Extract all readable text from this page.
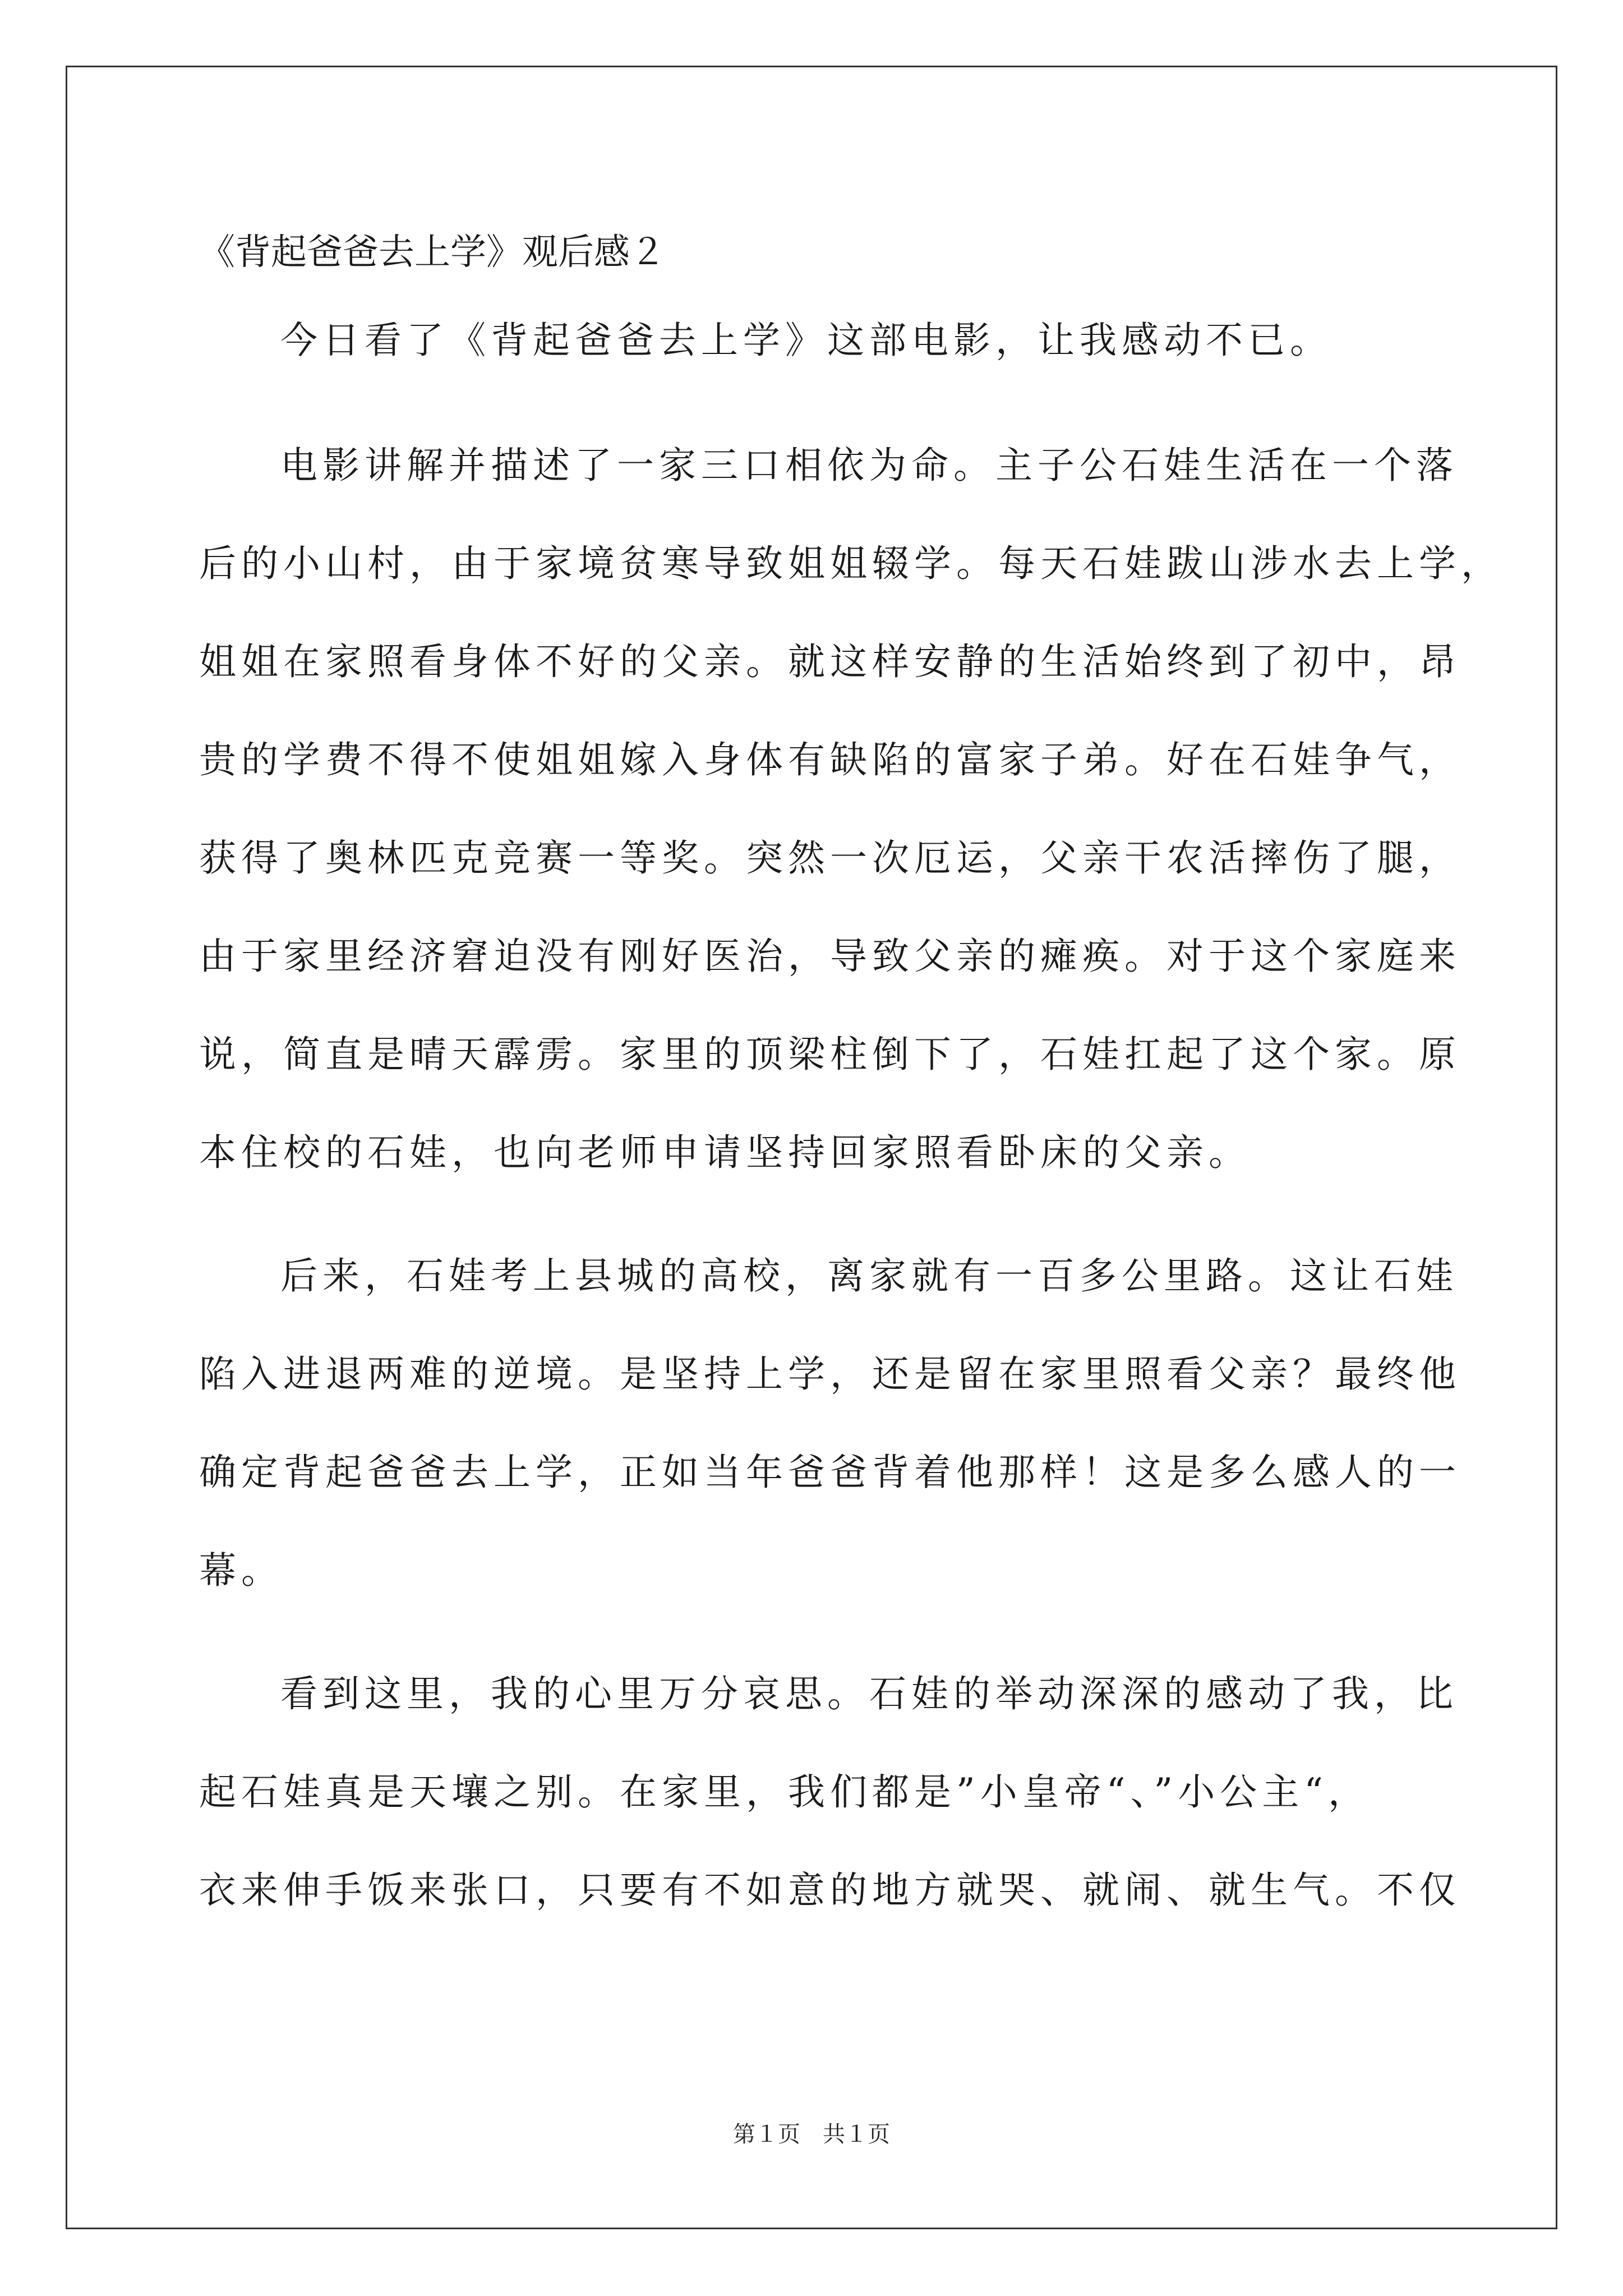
《背起爸爸去上学》观后感２
今日看了《背起爸爸去上学》这部电影，让我感动不已。
电影讲解并描述了一家三口相依为命。主子公石娃生活在一个落
后的小山村，由于家境贫寒导致姐姐辍学。每天石娃跋山涉水去上学，
姐姐在家照看身体不好的父亲。就这样安静的生活始终到了初中，昂
贵的学费不得不使姐姐嫁入身体有缺陷的富家子弟。好在石娃争气，
获得了奥林匹克竞赛一等奖。突然一次厄运，父亲干农活摔伤了腿，
由于家里经济窘迫没有刚好医治，导致父亲的瘫痪。对于这个家庭来
说，简直是晴天霹雳。家里的顶梁柱倒下了，石娃扛起了这个家。原
本住校的石娃，也向老师申请坚持回家照看卧床的父亲。
后来，石娃考上县城的高校，离家就有一百多公里路。这让石娃
陷入进退两难的逆境。是坚持上学，还是留在家里照看父亲？最终他
确定背起爸爸去上学，正如当年爸爸背着他那样！这是多么感人的一
幕。
看到这里，我的心里万分哀思。石娃的举动深深的感动了我，比
起石娃真是天壤之别。在家里，我们都是”小皇帝“、”小公主“，
衣来伸手饭来张口，只要有不如意的地方就哭、就闹、就生气。不仅
第１页　共１页
